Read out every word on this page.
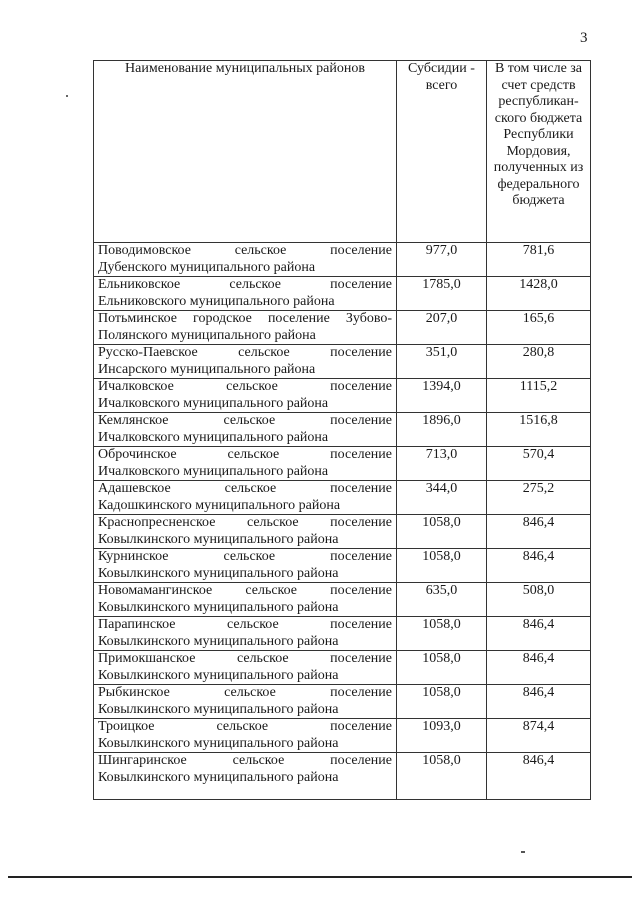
3
Наименование муниципальных районов	Субсидии - всего	В том числе за счет средств республикан-ского бюджета Республики Мордовия, полученных из федерального бюджета

Поводимовское сельское поселение
Дубенского муниципального района	977,0	781,6

Ельниковское сельское поселение
Ельниковского муниципального района	1785,0	1428,0

Потьминское городское поселение Зубово-
Полянского муниципального района	207,0	165,6

Русско-Паевское сельское поселение
Инсарского муниципального района	351,0	280,8

Ичалковское сельское поселение
Ичалковского муниципального района	1394,0	1115,2

Кемлянское сельское поселение
Ичалковского муниципального района	1896,0	1516,8

Оброчинское сельское поселение
Ичалковского муниципального района	713,0	570,4

Адашевское сельское поселение
Кадошкинского муниципального района	344,0	275,2

Краснопресненское сельское поселение
Ковылкинского муниципального района	1058,0	846,4

Курнинское сельское поселение
Ковылкинского муниципального района	1058,0	846,4

Новомамангинское сельское поселение
Ковылкинского муниципального района	635,0	508,0

Парапинское сельское поселение
Ковылкинского муниципального района	1058,0	846,4

Примокшанское сельское поселение
Ковылкинского муниципального района	1058,0	846,4

Рыбкинское сельское поселение
Ковылкинского муниципального района	1058,0	846,4

Троицкое сельское поселение
Ковылкинского муниципального района	1093,0	874,4

Шингаринское сельское поселение
Ковылкинского муниципального района	1058,0	846,4
